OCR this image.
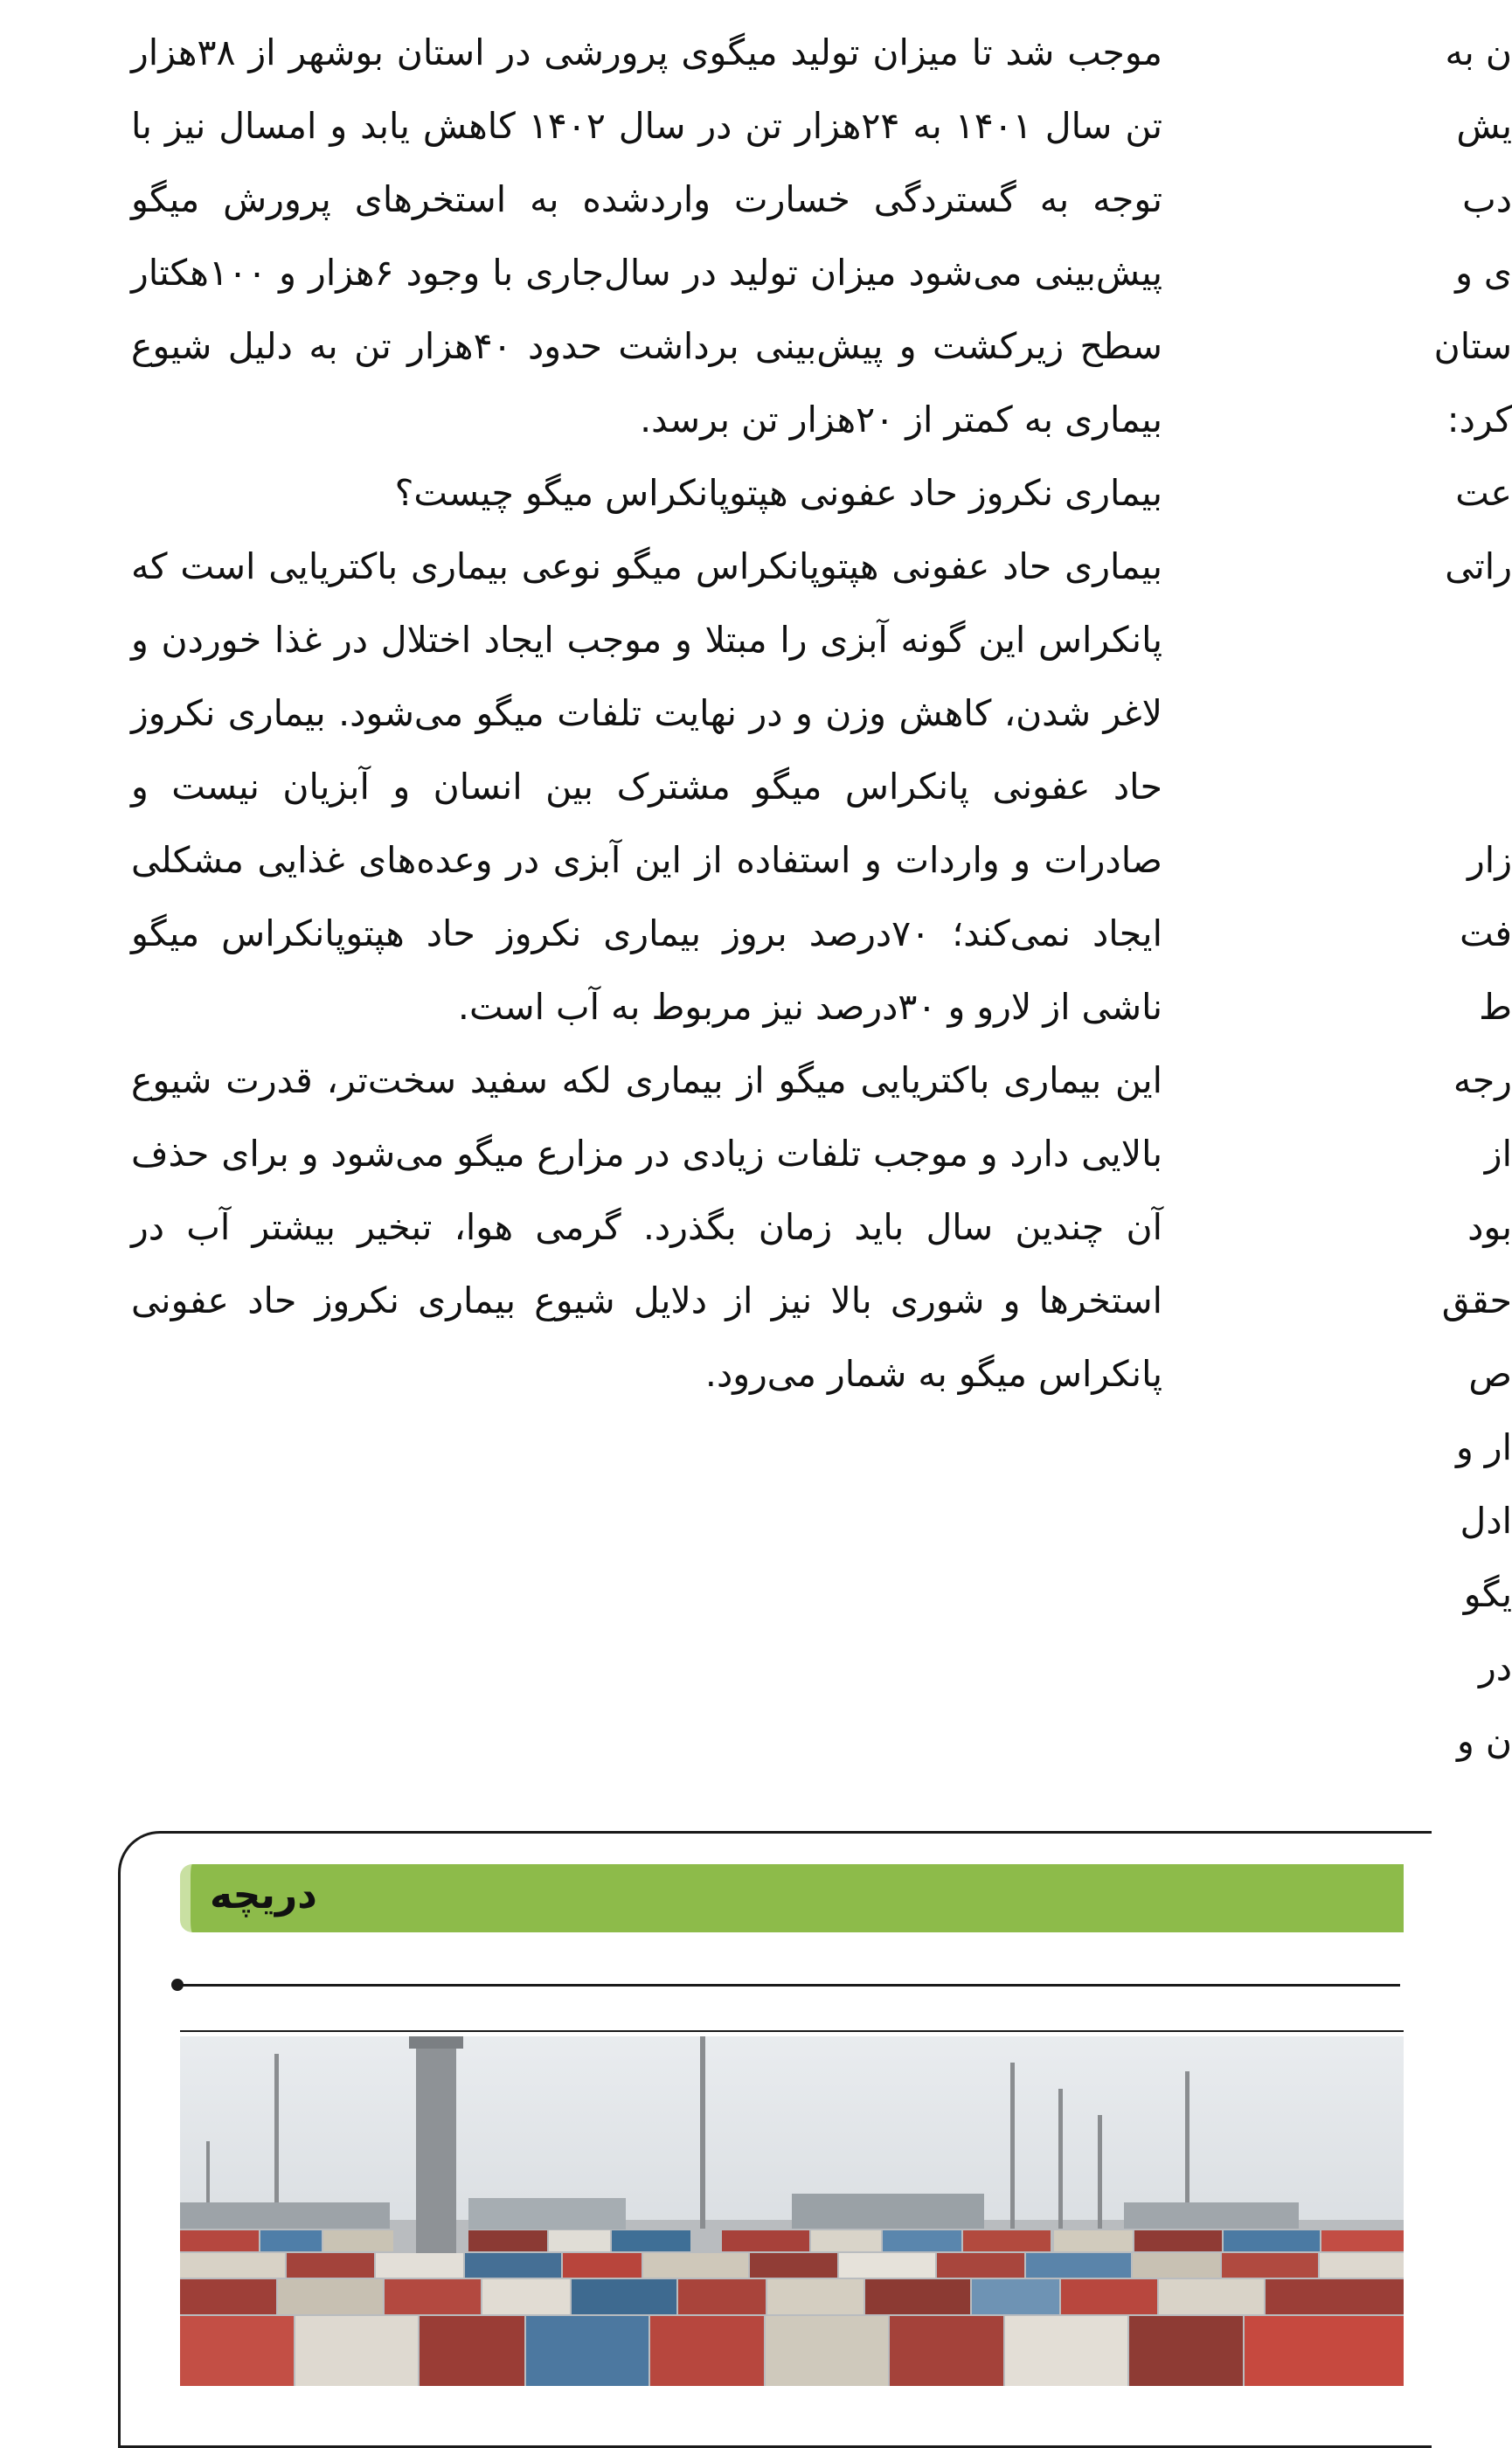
موجب شد تا میزان تولید میگوی پرورشی در استان بوشهر از ۳۸هزار تن سال ۱۴۰۱ به ۲۴هزار تن در سال ۱۴۰۲ کاهش یابد و امسال نیز با توجه به گستردگی خسارت واردشده به استخرهای پرورش میگو پیش‌بینی می‌شود میزان تولید در سال‌جاری با وجود ۶هزار و ۱۰۰هکتار سطح زیرکشت و پیش‌بینی برداشت حدود ۴۰هزار تن به دلیل شیوع بیماری به کمتر از ۲۰هزار تن برسد.

بیماری نکروز حاد عفونی هپتوپانکراس میگو چیست؟

بیماری حاد عفونی هپتوپانکراس میگو نوعی بیماری باکتریایی است که پانکراس این گونه آبزی را مبتلا و موجب ایجاد اختلال در غذا خوردن و لاغر شدن، کاهش وزن و در نهایت تلفات میگو می‌شود. بیماری نکروز حاد عفونی پانکراس میگو مشترک بین انسان و آبزیان نیست و صادرات و واردات و استفاده از این آبزی در وعده‌های غذایی مشکلی ایجاد نمی‌کند؛ ۷۰درصد بروز بیماری نکروز حاد هپتوپانکراس میگو ناشی از لارو و ۳۰درصد نیز مربوط به آب است.

این بیماری باکتریایی میگو از بیماری لکه سفید سخت‌تر، قدرت شیوع بالایی دارد و موجب تلفات زیادی در مزارع میگو می‌شود و برای حذف آن چندین سال باید زمان بگذرد. گرمی هوا، تبخیر بیشتر آب در استخرها و شوری بالا نیز از دلایل شیوع بیماری نکروز حاد عفونی پانکراس میگو به شمار می‌رود.

ن به
یش
دب
ی و
ستان
کرد:
عت
راتی
زار
فت
ط
رجه
از
بود
حقق
ص
ار و
ادل
یگو
در
ن و
دریچه
